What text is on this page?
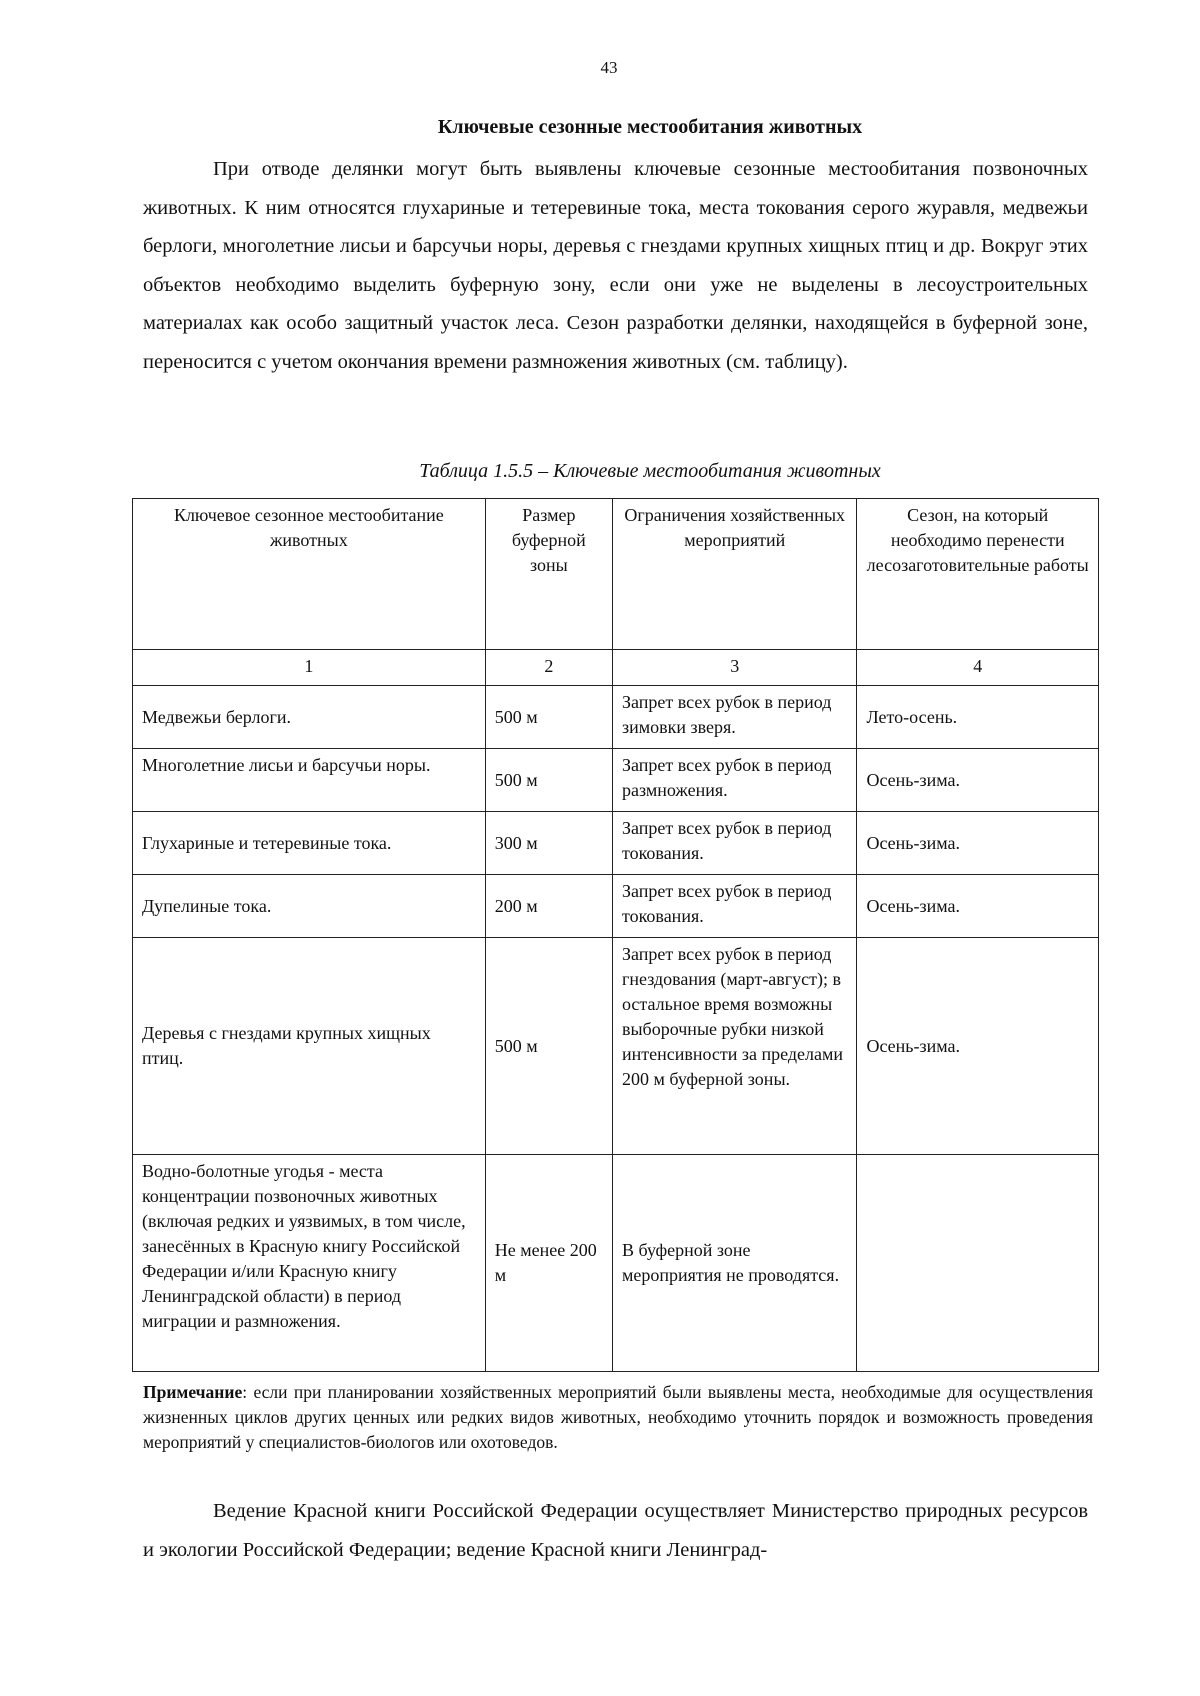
43
Ключевые сезонные местообитания животных

При отводе делянки могут быть выявлены ключевые сезонные местообитания позвоночных животных. К ним относятся глухариные и тетеревиные тока, места токования серого журавля, медвежьи берлоги, многолетние лисьи и барсучьи норы, деревья с гнездами крупных хищных птиц и др. Вокруг этих объектов необходимо выделить буферную зону, если они уже не выделены в лесоустроительных материалах как особо защитный участок леса. Сезон разработки делянки, находящейся в буферной зоне, переносится с учетом окончания времени размножения животных (см. таблицу).

Таблица 1.5.5 – Ключевые местообитания животных
Ключевое сезонное местообитание животных	Размер буферной зоны	Ограничения хозяйственных мероприятий	Сезон, на который необходимо перенести лесозаготовительные работы
1	2	3	4
Медвежьи берлоги.	500 м	Запрет всех рубок в период зимовки зверя.	Лето-осень.
Многолетние лисьи и барсучьи норы.	500 м	Запрет всех рубок в период размножения.	Осень-зима.
Глухариные и тетеревиные тока.	300 м	Запрет всех рубок в период токования.	Осень-зима.
Дупелиные тока.	200 м	Запрет всех рубок в период токования.	Осень-зима.
Деревья с гнездами крупных хищных птиц.	500 м	Запрет всех рубок в период гнездования (март-август); в остальное время возможны выборочные рубки низкой интенсивности за пределами 200 м буферной зоны.	Осень-зима.
Водно-болотные угодья - места концентрации позвоночных животных (включая редких и уязвимых, в том числе, занесённых в Красную книгу Российской Федерации и/или Красную книгу Ленинградской области) в период миграции и размножения.	Не менее 200 м	В буферной зоне мероприятия не проводятся.	

Примечание: если при планировании хозяйственных мероприятий были выявлены места, необходимые для осуществления жизненных циклов других ценных или редких видов животных, необходимо уточнить порядок и возможность проведения мероприятий у специалистов-биологов или охотоведов.

Ведение Красной книги Российской Федерации осуществляет Министерство природных ресурсов и экологии Российской Федерации; ведение Красной книги Ленинград-
